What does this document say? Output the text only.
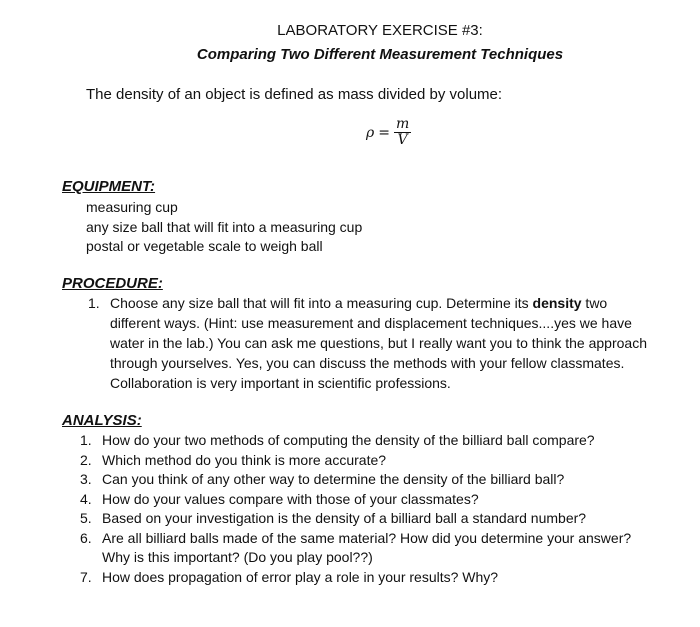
LABORATORY EXERCISE #3:
Comparing Two Different Measurement Techniques
The density of an object is defined as mass divided by volume:
$\rho = \frac{m}{V}$
EQUIPMENT:
measuring cup
any size ball that will fit into a measuring cup
postal or vegetable scale to weigh ball
PROCEDURE:
1. Choose any size ball that will fit into a measuring cup. Determine its density two
different ways. (Hint: use measurement and displacement techniques....yes we have
water in the lab.) You can ask me questions, but I really want you to think the approach
through yourselves. Yes, you can discuss the methods with your fellow classmates.
Collaboration is very important in scientific professions.
ANALYSIS:
1. How do your two methods of computing the density of the billiard ball compare?
2. Which method do you think is more accurate?
3. Can you think of any other way to determine the density of the billiard ball?
4. How do your values compare with those of your classmates?
5. Based on your investigation is the density of a billiard ball a standard number?
6. Are all billiard balls made of the same material? How did you determine your answer?
Why is this important? (Do you play pool??)
7. How does propagation of error play a role in your results? Why?
